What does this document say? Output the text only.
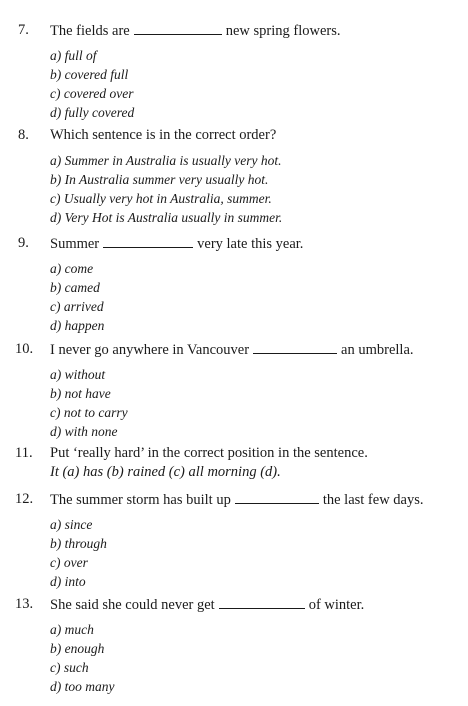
7. The fields are	new spring flowers.
a) full of
b) covered full
c) covered over
d) fully covered
8. Which sentence is in the correct order?
a) Summer in Australia is usually very hot.
b) In Australia summer very usually hot.
c) Usually very hot in Australia, summer.
d) Very Hot is Australia usually in summer.
9. Summer	very late this year.
a) come
b) camed
c) arrived
d) happen
10. I never go anywhere in Vancouver	an umbrella.
a) without
b) not have
c) not to carry
d) with none
11. Put ‘really hard’ in the correct position in the sentence.
It (a) has (b) rained (c) all morning (d).
12. The summer storm has built up	the last few days.
a) since
b) through
c) over
d) into
13. She said she could never get	of winter.
a) much
b) enough
c) such
d) too many
